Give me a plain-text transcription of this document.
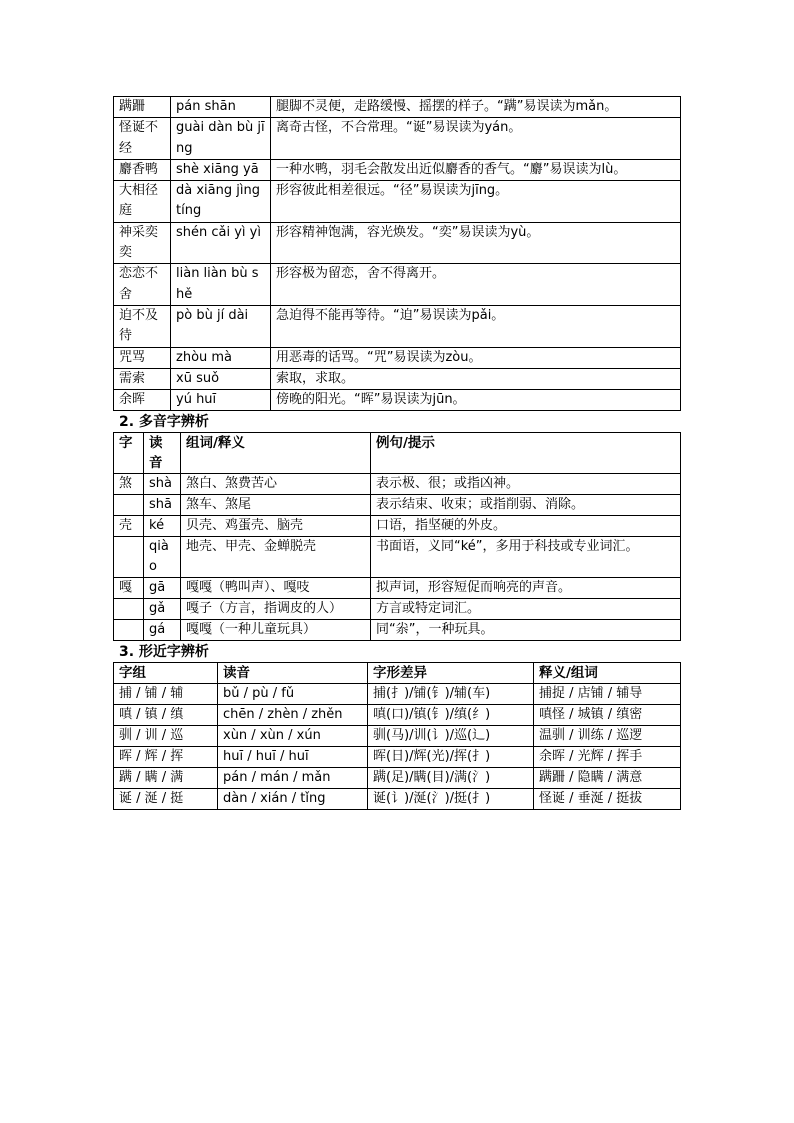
蹒跚	pán shān	腿脚不灵便，走路缓慢、摇摆的样子。“蹒”易误读为mǎn。
怪诞不经	guài dàn bù jīng	离奇古怪，不合常理。“诞”易误读为yán。
麝香鸭	shè xiāng yā	一种水鸭，羽毛会散发出近似麝香的香气。“麝”易误读为lù。
大相径庭	dà xiāng jìng tíng	形容彼此相差很远。“径”易误读为jīng。
神采奕奕	shén cǎi yì yì	形容精神饱满，容光焕发。“奕”易误读为yù。
恋恋不舍	liàn liàn bù shě	形容极为留恋，舍不得离开。
迫不及待	pò bù jí dài	急迫得不能再等待。“迫”易误读为pǎi。
咒骂	zhòu mà	用恶毒的话骂。“咒”易误读为zòu。
需索	xū suǒ	索取，求取。
余晖	yú huī	傍晚的阳光。“晖”易误读为jūn。
2. 多音字辨析
字	读音	组词/释义	例句/提示
煞	shà	煞白、煞费苦心	表示极、很；或指凶神。
	shā	煞车、煞尾	表示结束、收束；或指削弱、消除。
壳	ké	贝壳、鸡蛋壳、脑壳	口语，指坚硬的外皮。
	qiào	地壳、甲壳、金蝉脱壳	书面语，义同“ké”，多用于科技或专业词汇。
嘎	gā	嘎嘎（鸭叫声）、嘎吱	拟声词，形容短促而响亮的声音。
	gǎ	嘎子（方言，指调皮的人）	方言或特定词汇。
	gá	嘎嘎（一种儿童玩具）	同“尜”，一种玩具。
3. 形近字辨析
字组	读音	字形差异	释义/组词
捕 / 铺 / 辅	bǔ / pù / fǔ	捕(扌)/铺(钅)/辅(车)	捕捉 / 店铺 / 辅导
嗔 / 镇 / 缜	chēn / zhèn / zhěn	嗔(口)/镇(钅)/缜(纟)	嗔怪 / 城镇 / 缜密
驯 / 训 / 巡	xùn / xùn / xún	驯(马)/训(讠)/巡(辶)	温驯 / 训练 / 巡逻
晖 / 辉 / 挥	huī / huī / huī	晖(日)/辉(光)/挥(扌)	余晖 / 光辉 / 挥手
蹒 / 瞒 / 满	pán / mán / mǎn	蹒(足)/瞒(目)/满(氵)	蹒跚 / 隐瞒 / 满意
诞 / 涎 / 挺	dàn / xián / tǐng	诞(讠)/涎(氵)/挺(扌)	怪诞 / 垂涎 / 挺拔
